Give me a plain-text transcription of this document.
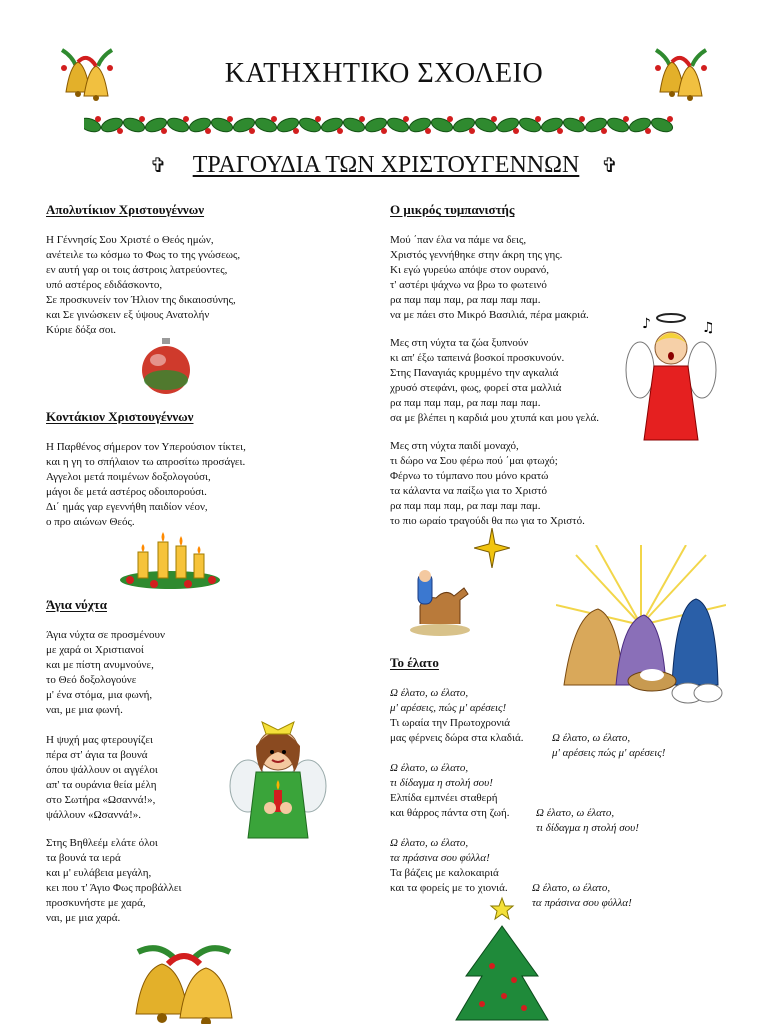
ΚΑΤΗΧΗΤΙΚΟ ΣΧΟΛΕΙΟ
✞ ΤΡΑΓΟΥΔΙΑ ΤΩΝ ΧΡΙΣΤΟΥΓΕΝΝΩΝ ✞
Απολυτίκιον Χριστουγέννων
Η Γέννησίς Σου Χριστέ ο Θεός ημών,
ανέτειλε τω κόσμω το Φως το της γνώσεως,
εν αυτή γαρ οι τοις άστροις λατρεύοντες,
υπό αστέρος εδιδάσκοντο,
Σε προσκυνείν τον Ήλιον της δικαιοσύνης,
και Σε γινώσκειν εξ ύψους Ανατολήν
Κύριε δόξα σοι.
Κοντάκιον Χριστουγέννων
Η Παρθένος σήμερον τον Υπερούσιον τίκτει,
και η γη το σπήλαιον τω απροσίτω προσάγει.
Αγγελοι μετά ποιμένων δοξολογούσι,
μάγοι δε μετά αστέρος οδοιπορούσι.
Δι΄ ημάς γαρ εγεννήθη παιδίον νέον,
ο προ αιώνων Θεός.
Άγια νύχτα
Άγια νύχτα σε προσμένουν
με χαρά οι Χριστιανοί
και με πίστη ανυμνούνε,
το Θεό δοξολογούνε
μ' ένα στόμα, μια φωνή,
ναι, με μια φωνή.
Η ψυχή μας φτερουγίζει
πέρα στ' άγια τα βουνά
όπου ψάλλουν οι αγγέλοι
απ' τα ουράνια θεία μέλη
στο Σωτήρα «Ωσαννά!»,
ψάλλουν «Ωσαννά!».
Στης Βηθλεέμ ελάτε όλοι
τα βουνά τα ιερά
και μ' ευλάβεια μεγάλη,
κει που τ' Άγιο Φως προβάλλει
προσκυνήστε με χαρά,
ναι, με μια χαρά.
Ο μικρός τυμπανιστής
Μού ΄παν έλα να πάμε να δεις,
Χριστός γεννήθηκε στην άκρη της γης.
Κι εγώ γυρεύω απόψε στον ουρανό,
τ' αστέρι ψάχνω να βρω το φωτεινό
ρα παμ παμ παμ, ρα παμ παμ παμ.
να με πάει στο Μικρό Βασιλιά, πέρα μακριά.
Μες στη νύχτα τα ζώα ξυπνούν
κι απ' έξω ταπεινά βοσκοί προσκυνούν.
Στης Παναγιάς κρυμμένο την αγκαλιά
χρυσό στεφάνι, φως, φορεί στα μαλλιά
ρα παμ παμ παμ, ρα παμ παμ παμ.
σα με βλέπει η καρδιά μου χτυπά και μου γελά.
Μες στη νύχτα παιδί μοναχό,
τι δώρο να Σου φέρω πού ΄μαι φτωχό;
Φέρνω το τύμπανο που μόνο κρατώ
τα κάλαντα να παίξω για το Χριστό
ρα παμ παμ παμ, ρα παμ παμ παμ.
το πιο ωραίο τραγούδι θα πω για το Χριστό.
♪	♫
Το έλατο
Ω έλατο, ω έλατο,
μ' αρέσεις, πώς μ' αρέσεις!
Τι ωραία την Πρωτοχρονιά
μας φέρνεις δώρα στα κλαδιά.	Ω έλατο, ω έλατο,
μ' αρέσεις πώς μ' αρέσεις!
Ω έλατο, ω έλατο,
τι δίδαγμα η στολή σου!
Ελπίδα εμπνέει σταθερή
και θάρρος πάντα στη ζωή. Ω έλατο, ω έλατο,
τι δίδαγμα η στολή σου!
Ω έλατο, ω έλατο,
τα πράσινα σου φύλλα!
Τα βάζεις με καλοκαιριά
και τα φορείς με το χιονιά. Ω έλατο, ω έλατο,
τα πράσινα σου φύλλα!
